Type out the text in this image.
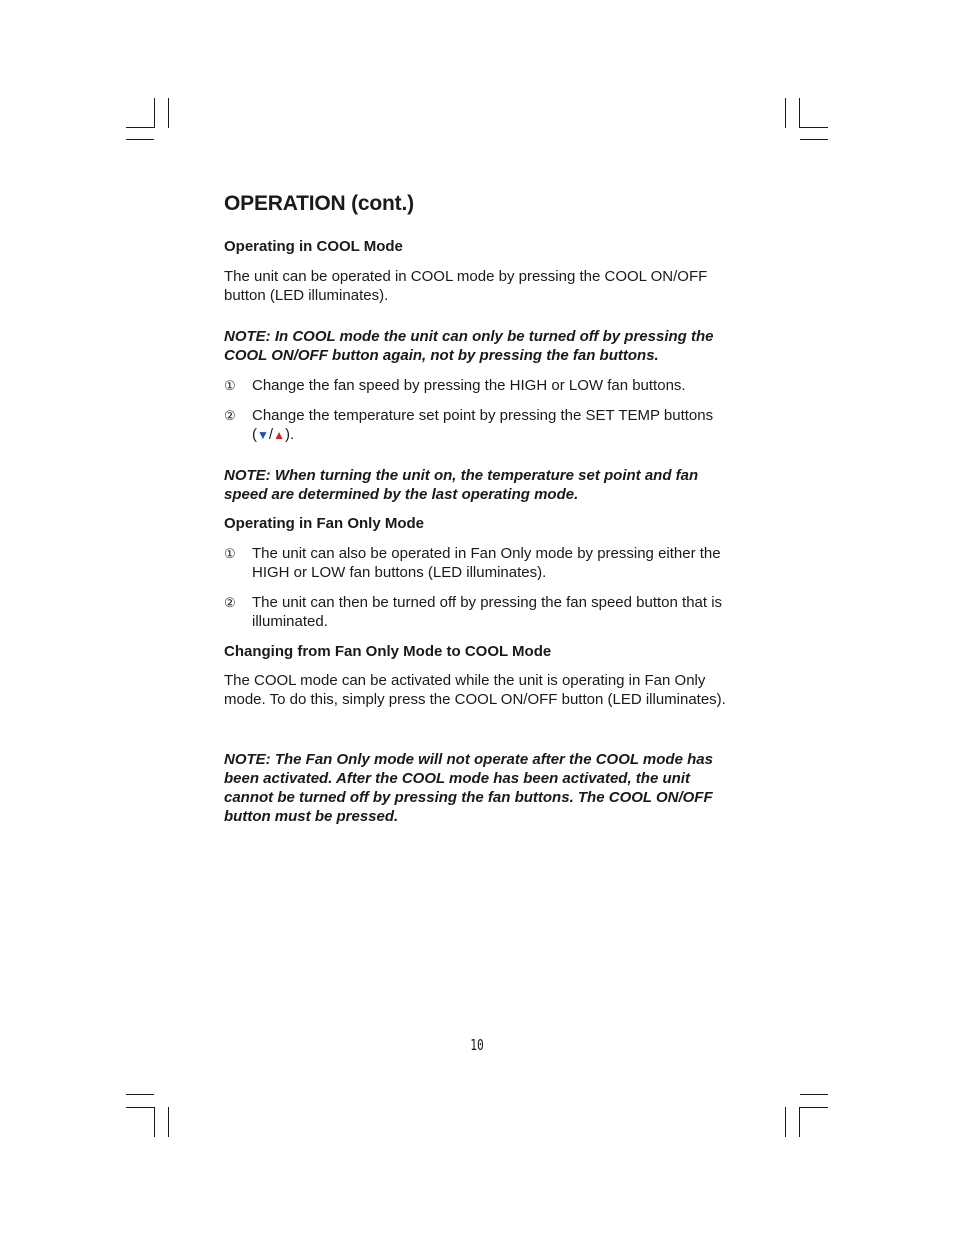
OPERATION (cont.)
Operating in COOL Mode
The unit can be operated in COOL mode by pressing the COOL ON/OFF button (LED illuminates).
NOTE: In COOL mode the unit can only be turned off by pressing the COOL ON/OFF button again, not by pressing the fan buttons.
①	Change the fan speed by pressing the HIGH or LOW fan buttons.
②	Change the temperature set point by pressing the SET TEMP buttons (▼/▲).
NOTE: When turning the unit on, the temperature set point and fan speed are determined by the last operating mode.
Operating in Fan Only Mode
①	The unit can also be operated in Fan Only mode by pressing either the HIGH or LOW fan buttons (LED illuminates).
②	The unit can then be turned off by pressing the fan speed button that is illuminated.
Changing from Fan Only Mode to COOL Mode
The COOL mode can be activated while the unit is operating in Fan Only mode. To do this, simply press the COOL ON/OFF button (LED illuminates).
NOTE: The Fan Only mode will not operate after the COOL mode has been activated. After the COOL mode has been activated, the unit cannot be turned off by pressing the fan buttons. The COOL ON/OFF button must be pressed.
10
